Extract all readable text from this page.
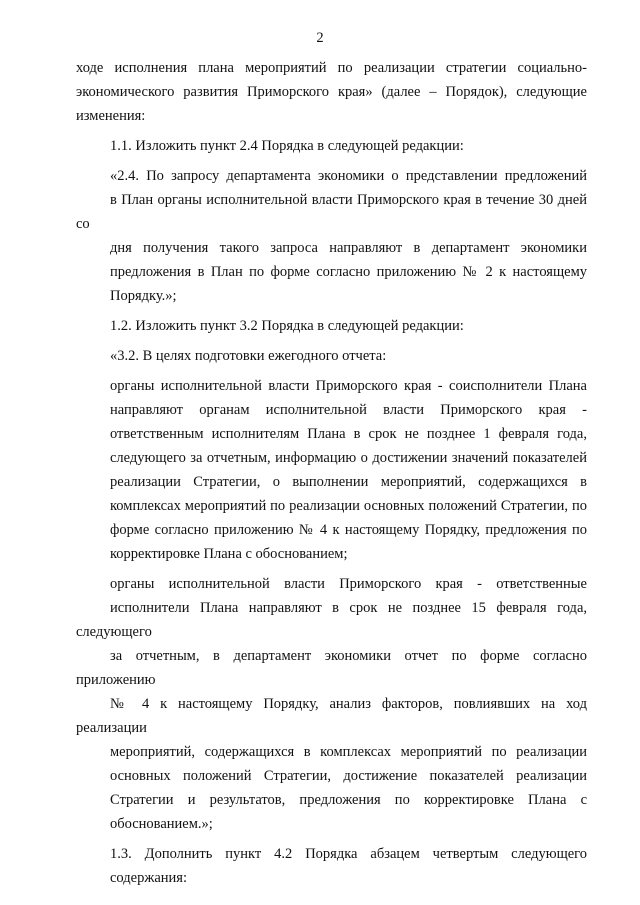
2
ходе исполнения плана мероприятий по реализации стратегии социально-
экономического развития Приморского края» (далее – Порядок), следующие
изменения:
1.1. Изложить пункт 2.4 Порядка в следующей редакции:
«2.4. По запросу департамента экономики о представлении предложений
в План органы исполнительной власти Приморского края в течение 30 дней со
дня получения такого запроса направляют в департамент экономики
предложения в План по форме согласно приложению № 2 к настоящему
Порядку.»;
1.2. Изложить пункт 3.2 Порядка в следующей редакции:
«3.2. В целях подготовки ежегодного отчета:
органы исполнительной власти Приморского края - соисполнители Плана
направляют органам исполнительной власти Приморского края -
ответственным исполнителям Плана в срок не позднее 1 февраля года,
следующего за отчетным, информацию о достижении значений показателей
реализации Стратегии, о выполнении мероприятий, содержащихся в
комплексах мероприятий по реализации основных положений Стратегии, по
форме согласно приложению № 4 к настоящему Порядку, предложения по
корректировке Плана с обоснованием;
органы исполнительной власти Приморского края - ответственные
исполнители Плана направляют в срок не позднее 15 февраля года, следующего
за отчетным, в департамент экономики отчет по форме согласно приложению
№ 4 к настоящему Порядку, анализ факторов, повлиявших на ход реализации
мероприятий, содержащихся в комплексах мероприятий по реализации
основных положений Стратегии, достижение показателей реализации
Стратегии и результатов, предложения по корректировке Плана с
обоснованием.»;
1.3. Дополнить пункт 4.2 Порядка абзацем четвертым следующего
содержания:
